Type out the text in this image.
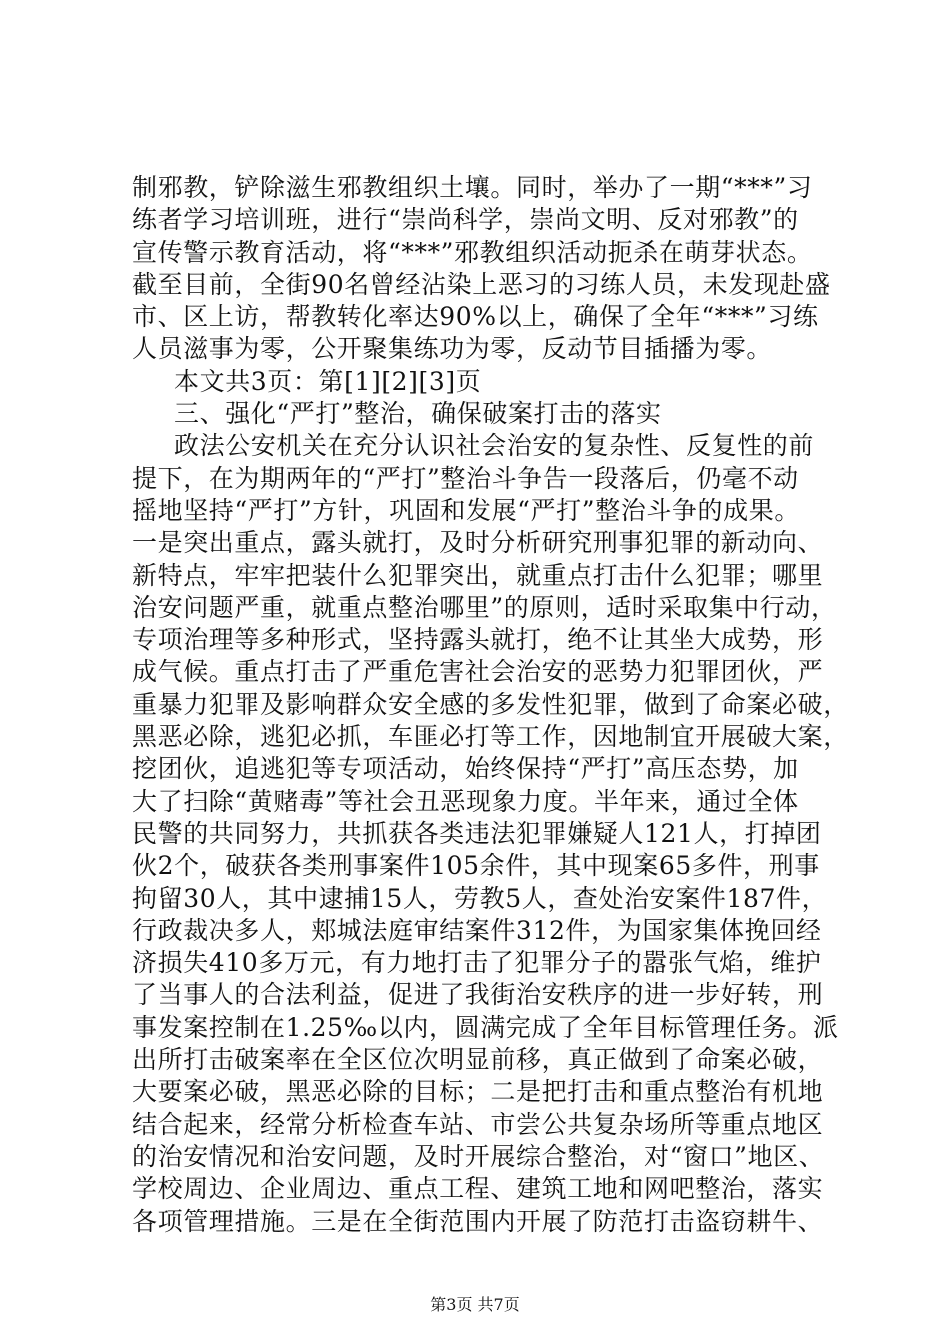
制邪教，铲除滋生邪教组织土壤。同时，举办了一期“***”习

练者学习培训班，进行“崇尚科学，崇尚文明、反对邪教”的

宣传警示教育活动，将“***”邪教组织活动扼杀在萌芽状态。

截至目前，全街90名曾经沾染上恶习的习练人员，未发现赴盛

市、区上访，帮教转化率达90%以上，确保了全年“***”习练

人员滋事为零，公开聚集练功为零，反动节目插播为零。

本文共3页：第[1][2][3]页

三、强化“严打”整治，确保破案打击的落实

政法公安机关在充分认识社会治安的复杂性、反复性的前

提下，在为期两年的“严打”整治斗争告一段落后，仍毫不动

摇地坚持“严打”方针，巩固和发展“严打”整治斗争的成果。

一是突出重点，露头就打，及时分析研究刑事犯罪的新动向、

新特点，牢牢把装什么犯罪突出，就重点打击什么犯罪；哪里

治安问题严重，就重点整治哪里”的原则，适时采取集中行动，

专项治理等多种形式，坚持露头就打，绝不让其坐大成势，形

成气候。重点打击了严重危害社会治安的恶势力犯罪团伙，严

重暴力犯罪及影响群众安全感的多发性犯罪，做到了命案必破，

黑恶必除，逃犯必抓，车匪必打等工作，因地制宜开展破大案，

挖团伙，追逃犯等专项活动，始终保持“严打”高压态势，加

大了扫除“黄赌毒”等社会丑恶现象力度。半年来，通过全体

民警的共同努力，共抓获各类违法犯罪嫌疑人121人，打掉团

伙2个，破获各类刑事案件105余件，其中现案65多件，刑事

拘留30人，其中逮捕15人，劳教5人，查处治安案件187件，

行政裁决多人，郏城法庭审结案件312件，为国家集体挽回经

济损失410多万元，有力地打击了犯罪分子的嚣张气焰，维护

了当事人的合法利益，促进了我街治安秩序的进一步好转，刑

事发案控制在1.25‰以内，圆满完成了全年目标管理任务。派

出所打击破案率在全区位次明显前移，真正做到了命案必破，

大要案必破，黑恶必除的目标；二是把打击和重点整治有机地

结合起来，经常分析检查车站、市尝公共复杂场所等重点地区

的治安情况和治安问题，及时开展综合整治，对“窗口”地区、

学校周边、企业周边、重点工程、建筑工地和网吧整治，落实

各项管理措施。三是在全街范围内开展了防范打击盗窃耕牛、

第3页 共7页
